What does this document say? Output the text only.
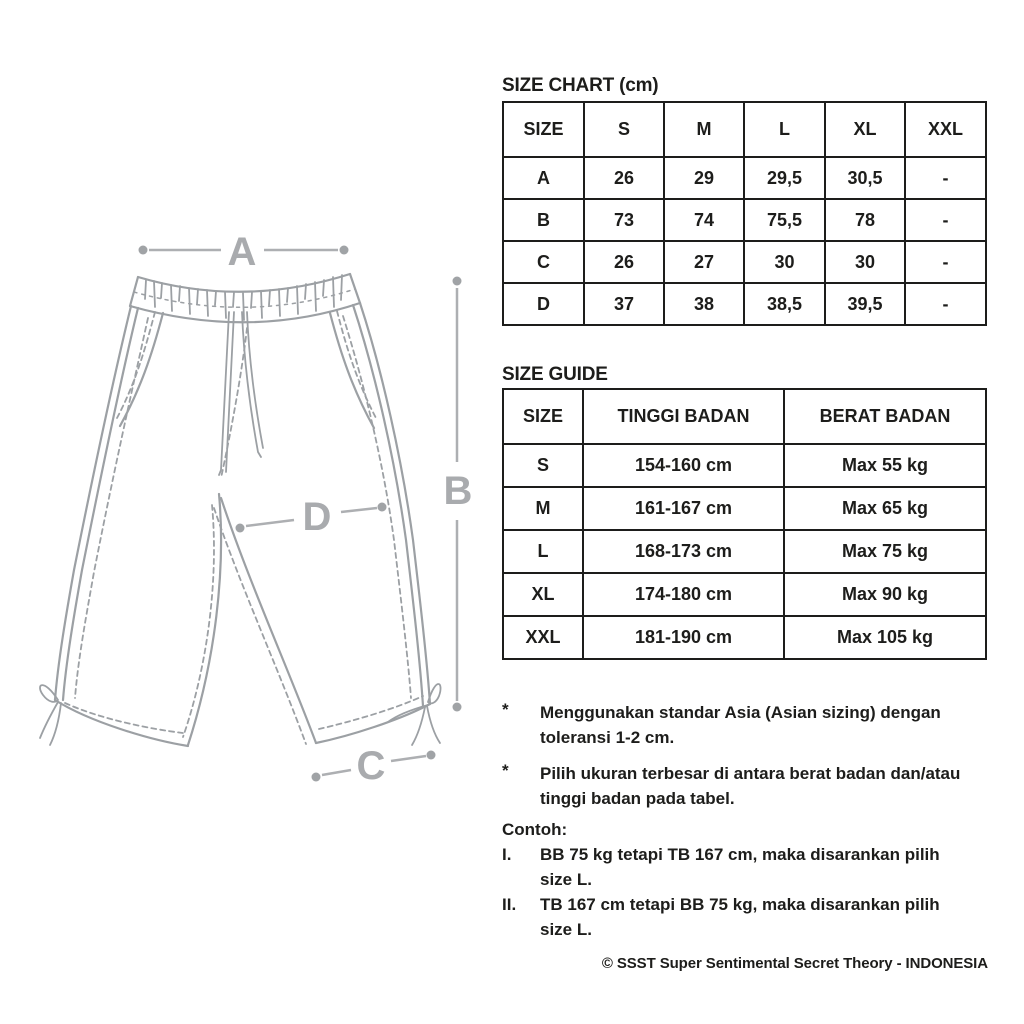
A
B
C
D
SIZE CHART (cm)
SIZE	S	M	L	XL	XXL
A	26	29	29,5	30,5	-
B	73	74	75,5	78	-
C	26	27	30	30	-
D	37	38	38,5	39,5	-
SIZE GUIDE
SIZE	TINGGI BADAN	BERAT BADAN
S	154-160 cm	Max 55 kg
M	161-167 cm	Max 65 kg
L	168-173 cm	Max 75 kg
XL	174-180 cm	Max 90 kg
XXL	181-190 cm	Max 105 kg
*	Menggunakan standar Asia (Asian sizing) dengan
toleransi 1-2 cm.
*	Pilih ukuran terbesar di antara berat badan dan/atau
tinggi badan pada tabel.
Contoh:
I.	BB 75 kg tetapi TB 167 cm, maka disarankan pilih
size L.
II.	TB 167 cm tetapi BB 75 kg, maka disarankan pilih
size L.
© SSST Super Sentimental Secret Theory - INDONESIA
